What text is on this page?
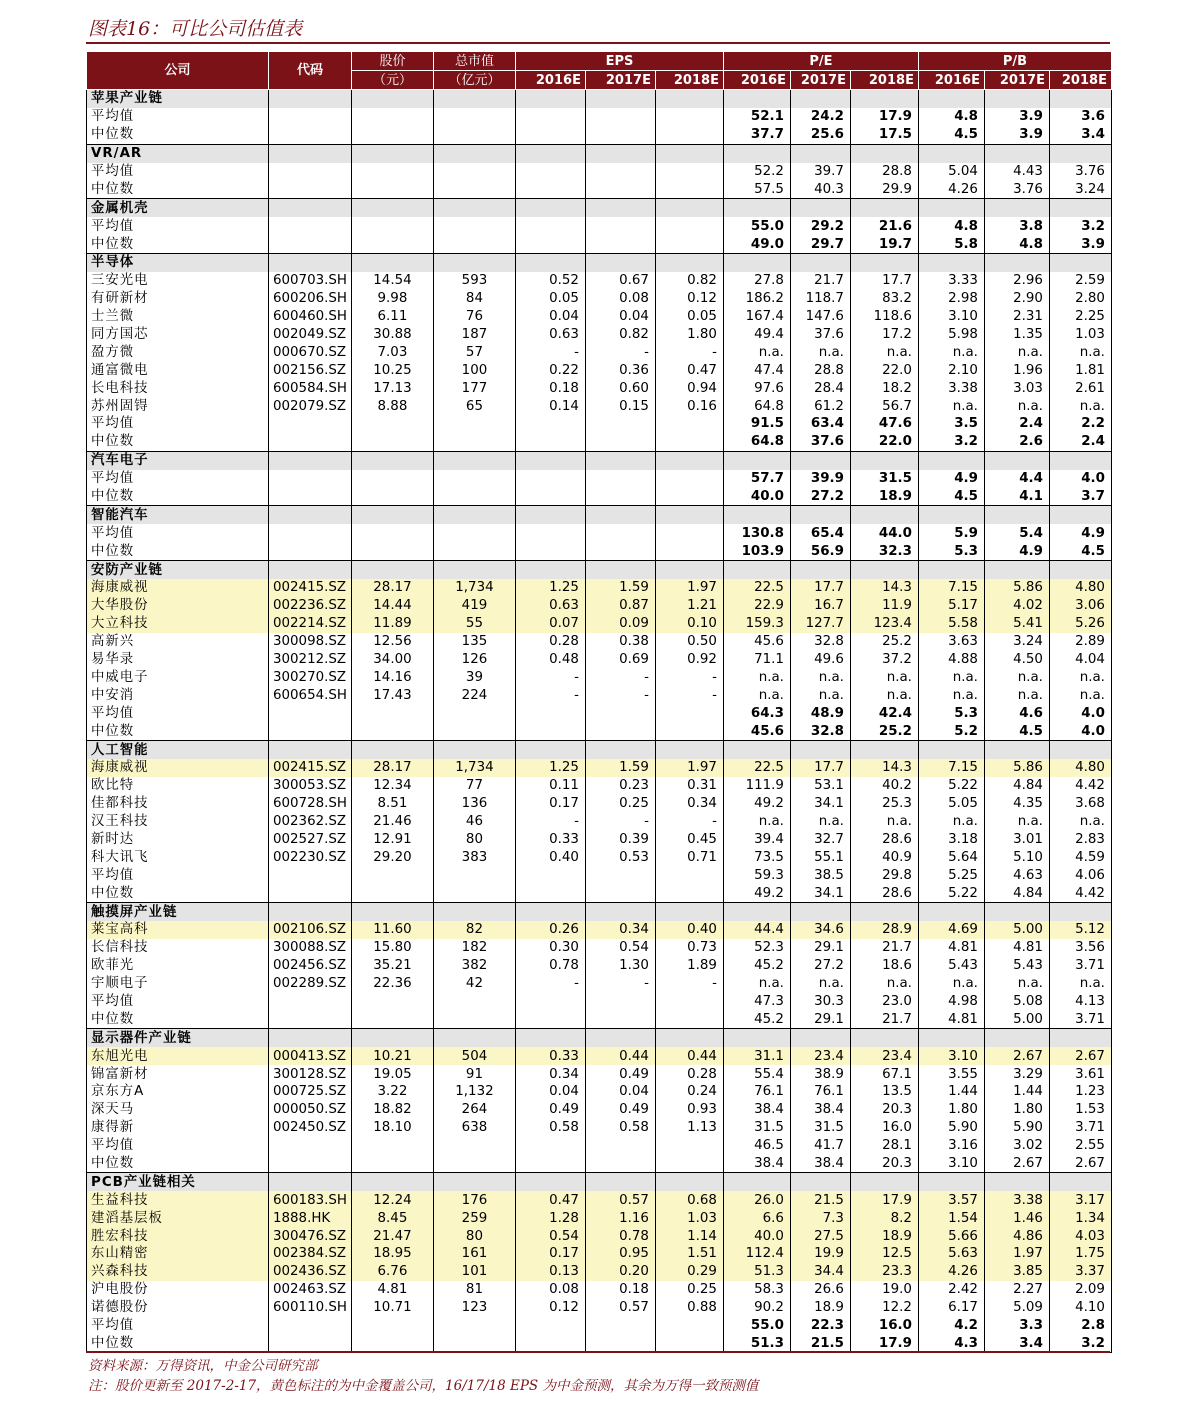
图表16：可比公司估值表
公司	代码	股价	总市值	EPS			P/E			P/B		
		（元）	（亿元）	2016E	2017E	2018E	2016E	2017E	2018E	2016E	2017E	2018E
苹果产业链												
平均值							52.1	24.2	17.9	4.8	3.9	3.6
中位数							37.7	25.6	17.5	4.5	3.9	3.4
VR/AR												
平均值							52.2	39.7	28.8	5.04	4.43	3.76
中位数							57.5	40.3	29.9	4.26	3.76	3.24
金属机壳												
平均值							55.0	29.2	21.6	4.8	3.8	3.2
中位数							49.0	29.7	19.7	5.8	4.8	3.9
半导体												
三安光电	600703.SH	14.54	593	0.52	0.67	0.82	27.8	21.7	17.7	3.33	2.96	2.59
有研新材	600206.SH	9.98	84	0.05	0.08	0.12	186.2	118.7	83.2	2.98	2.90	2.80
士兰微	600460.SH	6.11	76	0.04	0.04	0.05	167.4	147.6	118.6	3.10	2.31	2.25
同方国芯	002049.SZ	30.88	187	0.63	0.82	1.80	49.4	37.6	17.2	5.98	1.35	1.03
盈方微	000670.SZ	7.03	57	-	-	-	n.a.	n.a.	n.a.	n.a.	n.a.	n.a.
通富微电	002156.SZ	10.25	100	0.22	0.36	0.47	47.4	28.8	22.0	2.10	1.96	1.81
长电科技	600584.SH	17.13	177	0.18	0.60	0.94	97.6	28.4	18.2	3.38	3.03	2.61
苏州固锝	002079.SZ	8.88	65	0.14	0.15	0.16	64.8	61.2	56.7	n.a.	n.a.	n.a.
平均值							91.5	63.4	47.6	3.5	2.4	2.2
中位数							64.8	37.6	22.0	3.2	2.6	2.4
汽车电子												
平均值							57.7	39.9	31.5	4.9	4.4	4.0
中位数							40.0	27.2	18.9	4.5	4.1	3.7
智能汽车												
平均值							130.8	65.4	44.0	5.9	5.4	4.9
中位数							103.9	56.9	32.3	5.3	4.9	4.5
安防产业链												
海康威视	002415.SZ	28.17	1,734	1.25	1.59	1.97	22.5	17.7	14.3	7.15	5.86	4.80
大华股份	002236.SZ	14.44	419	0.63	0.87	1.21	22.9	16.7	11.9	5.17	4.02	3.06
大立科技	002214.SZ	11.89	55	0.07	0.09	0.10	159.3	127.7	123.4	5.58	5.41	5.26
高新兴	300098.SZ	12.56	135	0.28	0.38	0.50	45.6	32.8	25.2	3.63	3.24	2.89
易华录	300212.SZ	34.00	126	0.48	0.69	0.92	71.1	49.6	37.2	4.88	4.50	4.04
中威电子	300270.SZ	14.16	39	-	-	-	n.a.	n.a.	n.a.	n.a.	n.a.	n.a.
中安消	600654.SH	17.43	224	-	-	-	n.a.	n.a.	n.a.	n.a.	n.a.	n.a.
平均值							64.3	48.9	42.4	5.3	4.6	4.0
中位数							45.6	32.8	25.2	5.2	4.5	4.0
人工智能												
海康威视	002415.SZ	28.17	1,734	1.25	1.59	1.97	22.5	17.7	14.3	7.15	5.86	4.80
欧比特	300053.SZ	12.34	77	0.11	0.23	0.31	111.9	53.1	40.2	5.22	4.84	4.42
佳都科技	600728.SH	8.51	136	0.17	0.25	0.34	49.2	34.1	25.3	5.05	4.35	3.68
汉王科技	002362.SZ	21.46	46	-	-	-	n.a.	n.a.	n.a.	n.a.	n.a.	n.a.
新时达	002527.SZ	12.91	80	0.33	0.39	0.45	39.4	32.7	28.6	3.18	3.01	2.83
科大讯飞	002230.SZ	29.20	383	0.40	0.53	0.71	73.5	55.1	40.9	5.64	5.10	4.59
平均值							59.3	38.5	29.8	5.25	4.63	4.06
中位数							49.2	34.1	28.6	5.22	4.84	4.42
触摸屏产业链												
莱宝高科	002106.SZ	11.60	82	0.26	0.34	0.40	44.4	34.6	28.9	4.69	5.00	5.12
长信科技	300088.SZ	15.80	182	0.30	0.54	0.73	52.3	29.1	21.7	4.81	4.81	3.56
欧菲光	002456.SZ	35.21	382	0.78	1.30	1.89	45.2	27.2	18.6	5.43	5.43	3.71
宇顺电子	002289.SZ	22.36	42	-	-	-	n.a.	n.a.	n.a.	n.a.	n.a.	n.a.
平均值							47.3	30.3	23.0	4.98	5.08	4.13
中位数							45.2	29.1	21.7	4.81	5.00	3.71
显示器件产业链												
东旭光电	000413.SZ	10.21	504	0.33	0.44	0.44	31.1	23.4	23.4	3.10	2.67	2.67
锦富新材	300128.SZ	19.05	91	0.34	0.49	0.28	55.4	38.9	67.1	3.55	3.29	3.61
京东方A	000725.SZ	3.22	1,132	0.04	0.04	0.24	76.1	76.1	13.5	1.44	1.44	1.23
深天马	000050.SZ	18.82	264	0.49	0.49	0.93	38.4	38.4	20.3	1.80	1.80	1.53
康得新	002450.SZ	18.10	638	0.58	0.58	1.13	31.5	31.5	16.0	5.90	5.90	3.71
平均值							46.5	41.7	28.1	3.16	3.02	2.55
中位数							38.4	38.4	20.3	3.10	2.67	2.67
PCB产业链相关												
生益科技	600183.SH	12.24	176	0.47	0.57	0.68	26.0	21.5	17.9	3.57	3.38	3.17
建滔基层板	1888.HK	8.45	259	1.28	1.16	1.03	6.6	7.3	8.2	1.54	1.46	1.34
胜宏科技	300476.SZ	21.47	80	0.54	0.78	1.14	40.0	27.5	18.9	5.66	4.86	4.03
东山精密	002384.SZ	18.95	161	0.17	0.95	1.51	112.4	19.9	12.5	5.63	1.97	1.75
兴森科技	002436.SZ	6.76	101	0.13	0.20	0.29	51.3	34.4	23.3	4.26	3.85	3.37
沪电股份	002463.SZ	4.81	81	0.08	0.18	0.25	58.3	26.6	19.0	2.42	2.27	2.09
诺德股份	600110.SH	10.71	123	0.12	0.57	0.88	90.2	18.9	12.2	6.17	5.09	4.10
平均值							55.0	22.3	16.0	4.2	3.3	2.8
中位数							51.3	21.5	17.9	4.3	3.4	3.2
资料来源：万得资讯，中金公司研究部
注：股价更新至 2017-2-17，黄色标注的为中金覆盖公司，16/17/18 EPS 为中金预测，其余为万得一致预测值
